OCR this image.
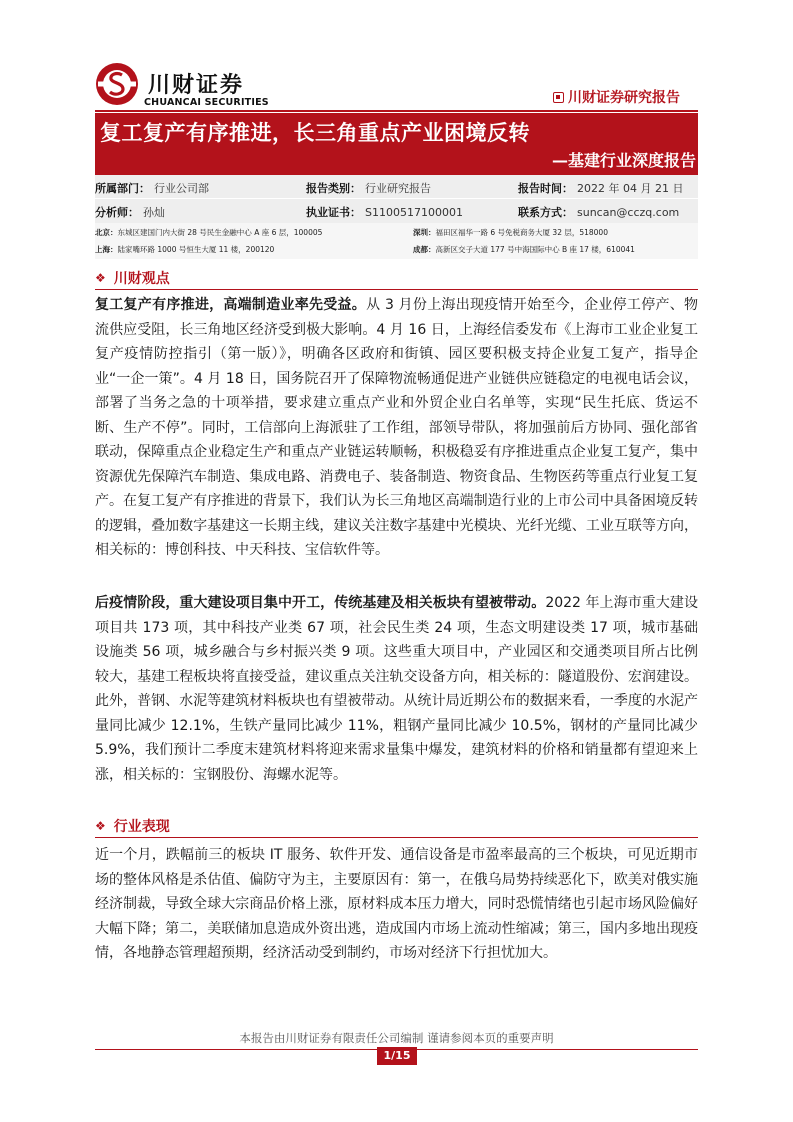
川财证券
CHUANCAI SECURITIES	川财证券研究报告
复工复产有序推进，长三角重点产业困境反转
—基建行业深度报告
所属部门： 行业公司部	报告类别： 行业研究报告	报告时间： 2022 年 04 月 21 日
分析师： 孙灿	执业证书： S1100517100001	联系方式： suncan@cczq.com
北京：东城区建国门内大街 28 号民生金融中心 A 座 6 层，100005	深圳：福田区福华一路 6 号免税商务大厦 32 层，518000
上海：陆家嘴环路 1000 号恒生大厦 11 楼，200120	成都：高新区交子大道 177 号中海国际中心 B 座 17 楼，610041
❖ 川财观点
复工复产有序推进，高端制造业率先受益。从 3 月份上海出现疫情开始至今，企业停工停产、物流供应受阻，长三角地区经济受到极大影响。4 月 16 日，上海经信委发布《上海市工业企业复工复产疫情防控指引（第一版）》，明确各区政府和街镇、园区要积极支持企业复工复产，指导企业“一企一策”。4 月 18 日，国务院召开了保障物流畅通促进产业链供应链稳定的电视电话会议，部署了当务之急的十项举措，要求建立重点产业和外贸企业白名单等，实现“民生托底、货运不断、生产不停”。同时，工信部向上海派驻了工作组，部领导带队，将加强前后方协同、强化部省联动，保障重点企业稳定生产和重点产业链运转顺畅，积极稳妥有序推进重点企业复工复产，集中资源优先保障汽车制造、集成电路、消费电子、装备制造、物资食品、生物医药等重点行业复工复产。在复工复产有序推进的背景下，我们认为长三角地区高端制造行业的上市公司中具备困境反转的逻辑，叠加数字基建这一长期主线，建议关注数字基建中光模块、光纤光缆、工业互联等方向，相关标的：博创科技、中天科技、宝信软件等。
后疫情阶段，重大建设项目集中开工，传统基建及相关板块有望被带动。2022 年上海市重大建设项目共 173 项，其中科技产业类 67 项，社会民生类 24 项，生态文明建设类 17 项，城市基础设施类 56 项，城乡融合与乡村振兴类 9 项。这些重大项目中，产业园区和交通类项目所占比例较大，基建工程板块将直接受益，建议重点关注轨交设备方向，相关标的：隧道股份、宏润建设。此外，普钢、水泥等建筑材料板块也有望被带动。从统计局近期公布的数据来看，一季度的水泥产量同比减少 12.1%，生铁产量同比减少 11%，粗钢产量同比减少 10.5%，钢材的产量同比减少 5.9%，我们预计二季度末建筑材料将迎来需求量集中爆发，建筑材料的价格和销量都有望迎来上涨，相关标的：宝钢股份、海螺水泥等。
❖ 行业表现
近一个月，跌幅前三的板块 IT 服务、软件开发、通信设备是市盈率最高的三个板块，可见近期市场的整体风格是杀估值、偏防守为主，主要原因有：第一，在俄乌局势持续恶化下，欧美对俄实施经济制裁，导致全球大宗商品价格上涨，原材料成本压力增大，同时恐慌情绪也引起市场风险偏好大幅下降；第二，美联储加息造成外资出逃，造成国内市场上流动性缩减；第三，国内多地出现疫情，各地静态管理超预期，经济活动受到制约，市场对经济下行担忧加大。
本报告由川财证券有限责任公司编制 谨请参阅本页的重要声明
1/15
